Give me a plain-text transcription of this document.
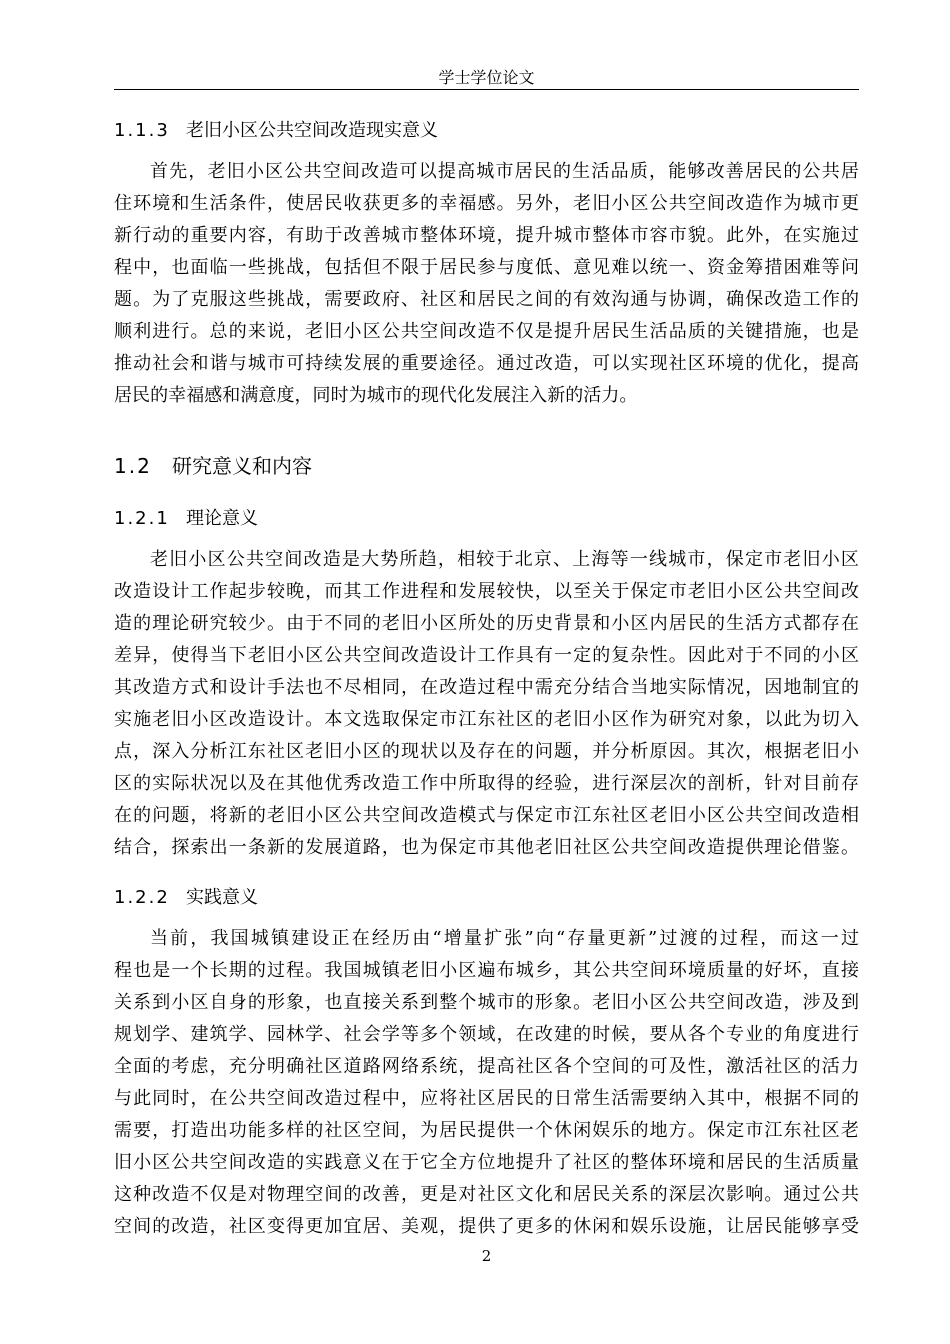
学士学位论文
1.1.3 老旧小区公共空间改造现实意义
首先，老旧小区公共空间改造可以提高城市居民的生活品质，能够改善居民的公共居
住环境和生活条件，使居民收获更多的幸福感。另外，老旧小区公共空间改造作为城市更
新行动的重要内容，有助于改善城市整体环境，提升城市整体市容市貌。此外，在实施过
程中，也面临一些挑战，包括但不限于居民参与度低、意见难以统一、资金筹措困难等问
题。为了克服这些挑战，需要政府、社区和居民之间的有效沟通与协调，确保改造工作的
顺利进行。总的来说，老旧小区公共空间改造不仅是提升居民生活品质的关键措施，也是
推动社会和谐与城市可持续发展的重要途径。通过改造，可以实现社区环境的优化，提高
居民的幸福感和满意度，同时为城市的现代化发展注入新的活力。
1.2 研究意义和内容
1.2.1 理论意义
老旧小区公共空间改造是大势所趋，相较于北京、上海等一线城市，保定市老旧小区
改造设计工作起步较晚，而其工作进程和发展较快，以至关于保定市老旧小区公共空间改
造的理论研究较少。由于不同的老旧小区所处的历史背景和小区内居民的生活方式都存在
差异，使得当下老旧小区公共空间改造设计工作具有一定的复杂性。因此对于不同的小区
其改造方式和设计手法也不尽相同，在改造过程中需充分结合当地实际情况，因地制宜的
实施老旧小区改造设计。本文选取保定市江东社区的老旧小区作为研究对象，以此为切入
点，深入分析江东社区老旧小区的现状以及存在的问题，并分析原因。其次，根据老旧小
区的实际状况以及在其他优秀改造工作中所取得的经验，进行深层次的剖析，针对目前存
在的问题，将新的老旧小区公共空间改造模式与保定市江东社区老旧小区公共空间改造相
结合，探索出一条新的发展道路，也为保定市其他老旧社区公共空间改造提供理论借鉴。
1.2.2 实践意义
当前，我国城镇建设正在经历由“增量扩张”向“存量更新”过渡的过程，而这一过
程也是一个长期的过程。我国城镇老旧小区遍布城乡，其公共空间环境质量的好坏，直接
关系到小区自身的形象，也直接关系到整个城市的形象。老旧小区公共空间改造，涉及到
规划学、建筑学、园林学、社会学等多个领域，在改建的时候，要从各个专业的角度进行
全面的考虑，充分明确社区道路网络系统，提高社区各个空间的可及性，激活社区的活力
与此同时，在公共空间改造过程中，应将社区居民的日常生活需要纳入其中，根据不同的
需要，打造出功能多样的社区空间，为居民提供一个休闲娱乐的地方。保定市江东社区老
旧小区公共空间改造的实践意义在于它全方位地提升了社区的整体环境和居民的生活质量
这种改造不仅是对物理空间的改善，更是对社区文化和居民关系的深层次影响。通过公共
空间的改造，社区变得更加宜居、美观，提供了更多的休闲和娱乐设施，让居民能够享受
2
